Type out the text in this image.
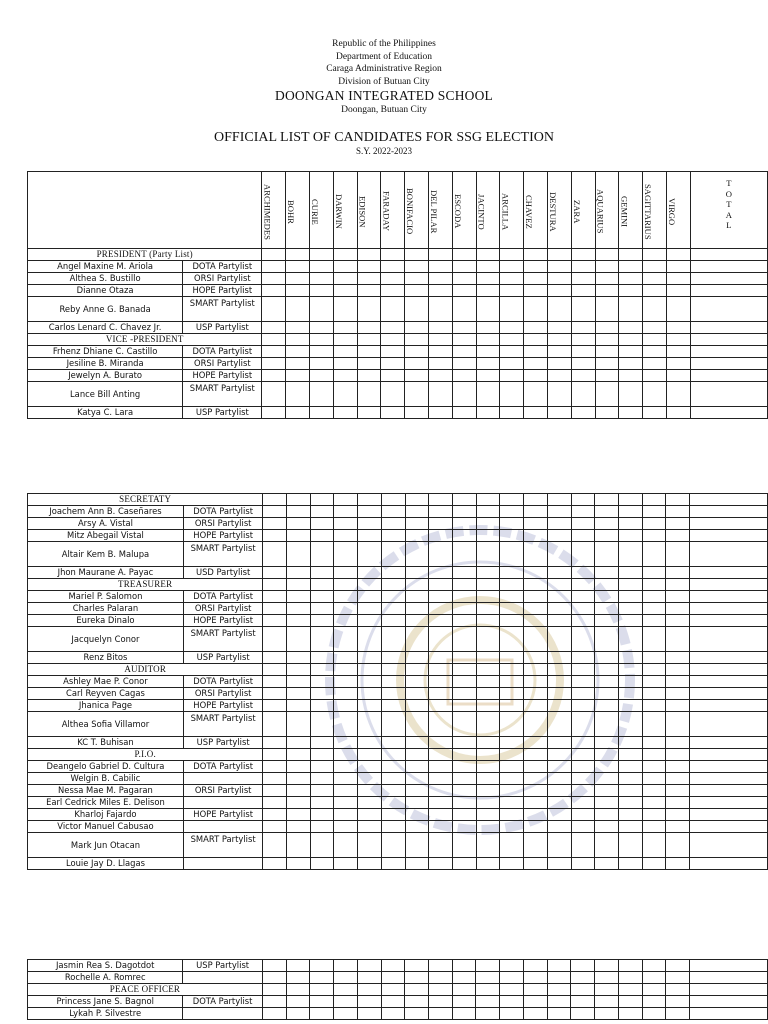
Republic of the Philippines
Department of Education
Caraga Administrative Region
Division of Butuan City
DOONGAN INTEGRATED SCHOOL
Doongan, Butuan City
OFFICIAL LIST OF CANDIDATES FOR SSG ELECTION
S.Y. 2022-2023

ARCHIMEDES	BOHR	CURIE	DARWIN	EDISON	FARADAY	BONIFACIO	DEL PILAR	ESCODA	JACINTO	ARCILLA	CHAVEZ	DESTURA	ZARA	AQUARIUS	GEMINI	SAGITTARIUS	VIRGO	TOTAL

PRESIDENT (Party List)																				
Angel Maxine M. Ariola	DOTA Partylist																			
Althea S. Bustillo	ORSI Partylist																			
Dianne Otaza	HOPE Partylist																			
Reby Anne G. Banada	SMART Partylist																			
Carlos Lenard C. Chavez Jr.	USP Partylist																			
VICE -PRESIDENT																				
Frhenz Dhiane C. Castillo	DOTA Partylist																			
Jesiline B. Miranda	ORSI Partylist																			
Jewelyn A. Burato	HOPE Partylist																			
Lance Bill Anting	SMART Partylist																			
Katya C. Lara	USP Partylist																			
SECRETATY																				
Joachem Ann B. Caseñares	DOTA Partylist																			
Arsy A. Vistal	ORSI Partylist																			
Mitz Abegail Vistal	HOPE Partylist																			
Altair Kem B. Malupa	SMART Partylist																			
Jhon Maurane A. Payac	USD Partylist																			
TREASURER																				
Mariel P. Salomon	DOTA Partylist																			
Charles Palaran	ORSI Partylist																			
Eureka Dinalo	HOPE Partylist																			
Jacquelyn Conor	SMART Partylist																			
Renz Bitos	USP Partylist																			
AUDITOR																				
Ashley Mae P. Conor	DOTA Partylist																			
Carl Reyven Cagas	ORSI Partylist																			
Jhanica Page	HOPE Partylist																			
Althea Sofia Villamor	SMART Partylist																			
KC T. Buhisan	USP Partylist																			
P.I.O.																				
Deangelo Gabriel D. Cultura	DOTA Partylist																			
Welgin B. Cabilic																				
Nessa Mae M. Pagaran	ORSI Partylist																			
Earl Cedrick Miles E. Delison																				
Kharloj Fajardo	HOPE Partylist																			
Victor Manuel Cabusao																				
Mark Jun Otacan	SMART Partylist																			
Louie Jay D. Llagas																				
Jasmin Rea S. Dagotdot	USP Partylist																			
Rochelle A. Romrec																				
PEACE OFFICER																				
Princess Jane S. Bagnol	DOTA Partylist																			
Lykah P. Silvestre																				
